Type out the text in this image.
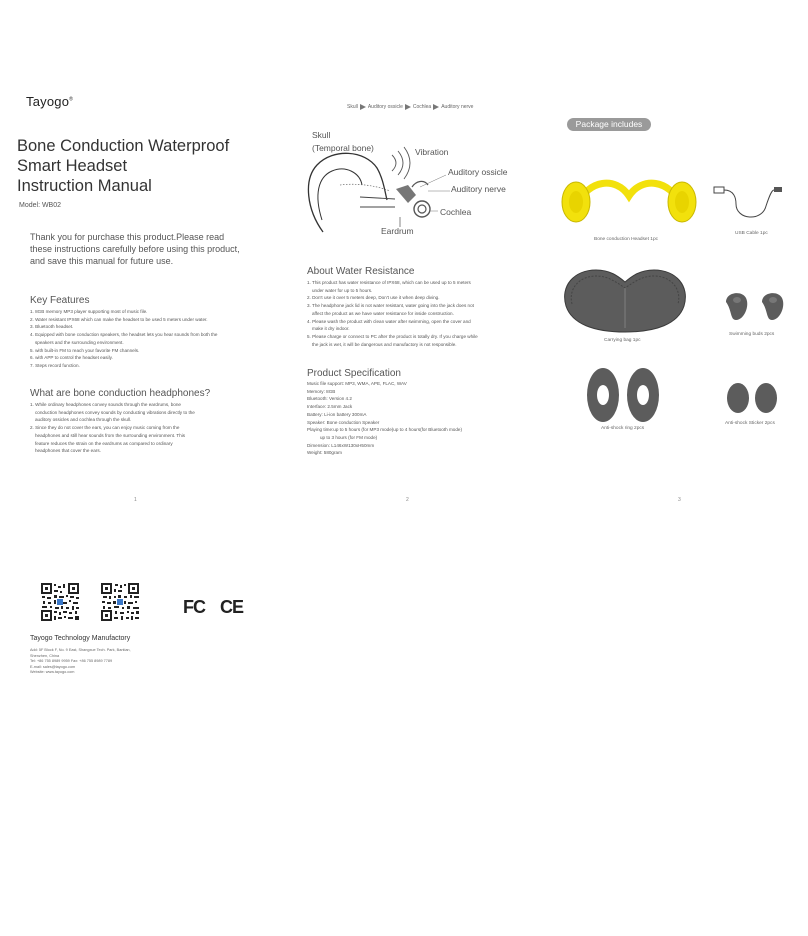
Tayogo®
Bone Conduction Waterproof
Smart Headset
Instruction Manual
Model: WB02
Thank you for purchase this product.Please read these instructions carefully before using this product, and save this manual for future use.
Key Features
1. 8GB memory MP3 player supporting most of music file.
2. Water resistant IPX68 which can make the headset to be used 5 meters under water.
3. Bluetooth headset.
4. Equipped with bone conduction speakers, the headset lets you hear sounds from both the
speakers and the surrounding environment.
5. with built-in FM to reach your favorite FM channels.
6. with APP to control the headset easily.
7. Steps record function.
What are bone conduction headphones?
1. While ordinary headphones convey sounds through the eardrums, bone
conduction headphones convey sounds by conducting vibrations directly to the
auditory ossicles and cochlea through the skull.
2. Since they do not cover the ears, you can enjoy music coming from the
headphones and still hear sounds from the surrounding environment. This
feature reduces the strain on the eardrums as compared to ordinary
headphones that cover the ears.
1
Skull Auditory ossicle Cochlea Auditory nerve
Skull
(Temporal bone)	Vibration
Auditory ossicle
Auditory nerve
Cochlea
Eardrum
About Water Resistance
1. This product has water resistance of IPX68, which can be used up to 5 meters
under water for up to 5 hours.
2. Don't use it over 5 meters deep, Don't use it when deep diving.
3. The headphone jack lid is not water resistant, water going into the jack does not
affect the product as we have water resistance for inside construction.
4. Please wash the product with clean water after swimming, open the cover and
make it dry indoor.
5. Please charge or connect to PC after the product is totally dry. If you charge while
the jack is wet, it will be dangerous and manufactory is not responsible.
Product Specification
Music file support: MP3, WMA, APE, FLAC, WAV
Memory: 8GB
Bluetooth: Version 4.2
Interface: 2.5mm Jack
Battery: Li-ion battery 300mA
Speaker: Bone conduction Speaker
Playing time:up to 5 hours (for MP3 mode)up to 4 hours(for Bluetooth mode)
up to 3 hours (for FM mode)
Dimension: L146xW130xH50mm
Weight: 580gram
2
Package includes
Bone conduction Headset 1pc
USB Cable 1pc
Carrying bag 1pc
Swimming buds 2pcs
Anti-shock ring 2pcs
Anti-shock Sticker 2pcs
3
FC CE
Tayogo Technology Manufactory
Add: 5F Block F, No. 9 East, Shangxue Tech. Park, Bantian,
Shenzhen, China
Tel: +86 755 8989 9959 Fax: +86 755 8989 7789
E-mail: sales@tayogo.com
Website: www.tayogo.com
